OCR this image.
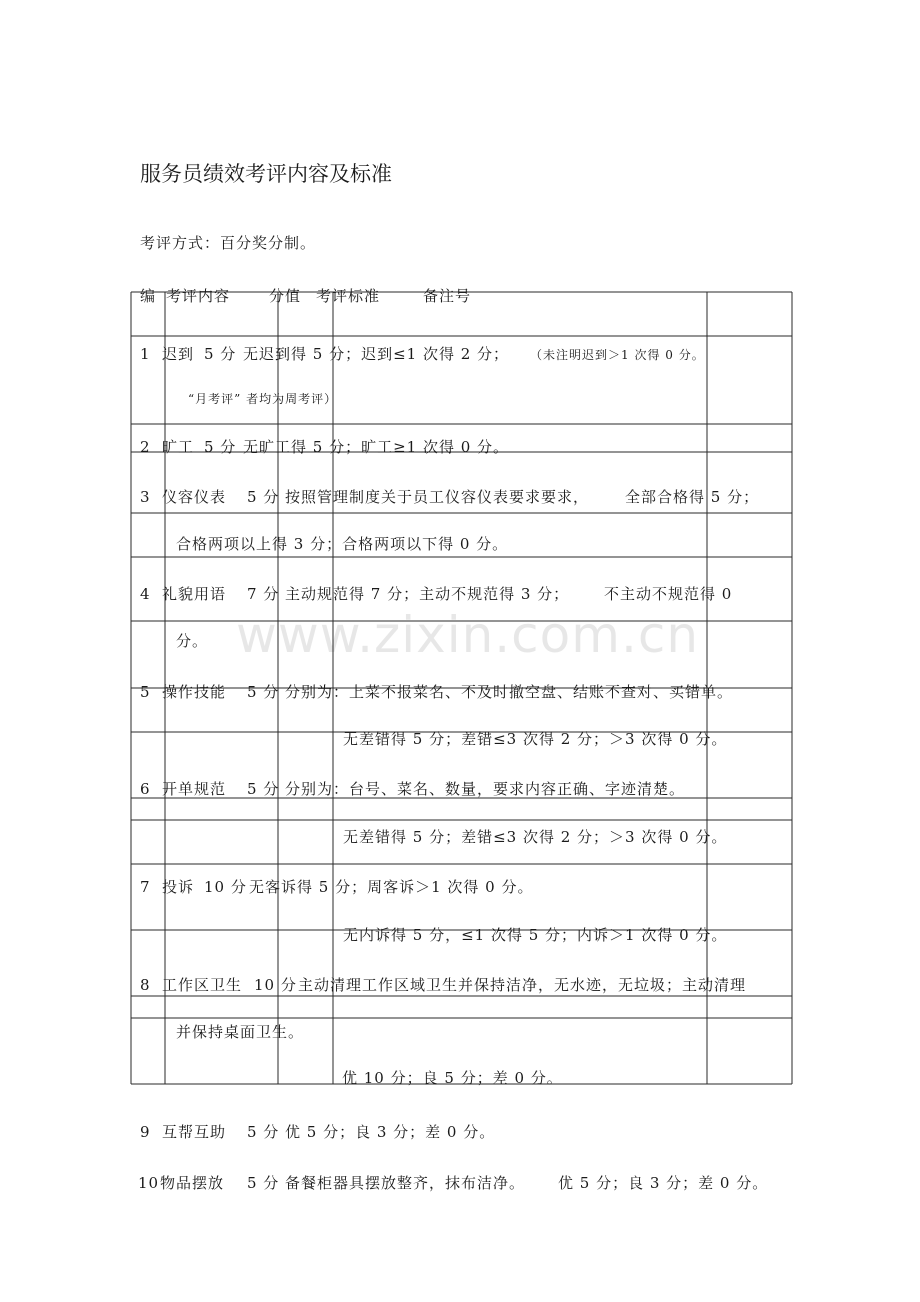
www.zixin.com.cn
服务员绩效考评内容及标准
考评方式：百分奖分制。
编 考评内容	分值 考评标准	备注号
1 迟到 5 分 无迟到得 5 分；迟到≤1 次得 2 分； （未注明迟到＞1 次得 0 分。
“月考评” 者均为周考评）
2 旷工 5 分 无旷工得 5 分；旷工≥1 次得 0 分。
3 仪容仪表 5 分 按照管理制度关于员工仪容仪表要求要求， 全部合格得 5 分；
合格两项以上得 3 分；合格两项以下得 0 分。
4 礼貌用语 7 分 主动规范得 7 分；主动不规范得 3 分； 不主动不规范得 0
分。
5 操作技能 5 分 分别为：上菜不报菜名、不及时撤空盘、结账不查对、买错单。
无差错得 5 分；差错≤3 次得 2 分；＞3 次得 0 分。
6 开单规范 5 分 分别为：台号、菜名、数量，要求内容正确、字迹清楚。
无差错得 5 分；差错≤3 次得 2 分；＞3 次得 0 分。
7 投诉 10 分 无客诉得 5 分；周客诉＞1 次得 0 分。
无内诉得 5 分，≤1 次得 5 分；内诉＞1 次得 0 分。
8 工作区卫生 10 分 主动清理工作区域卫生并保持洁净，无水迹，无垃圾；主动清理
并保持桌面卫生。
优 10 分；良 5 分；差 0 分。
9 互帮互助 5 分 优 5 分；良 3 分；差 0 分。
10 物品摆放 5 分 备餐柜器具摆放整齐，抹布洁净。 优 5 分；良 3 分；差 0 分。
